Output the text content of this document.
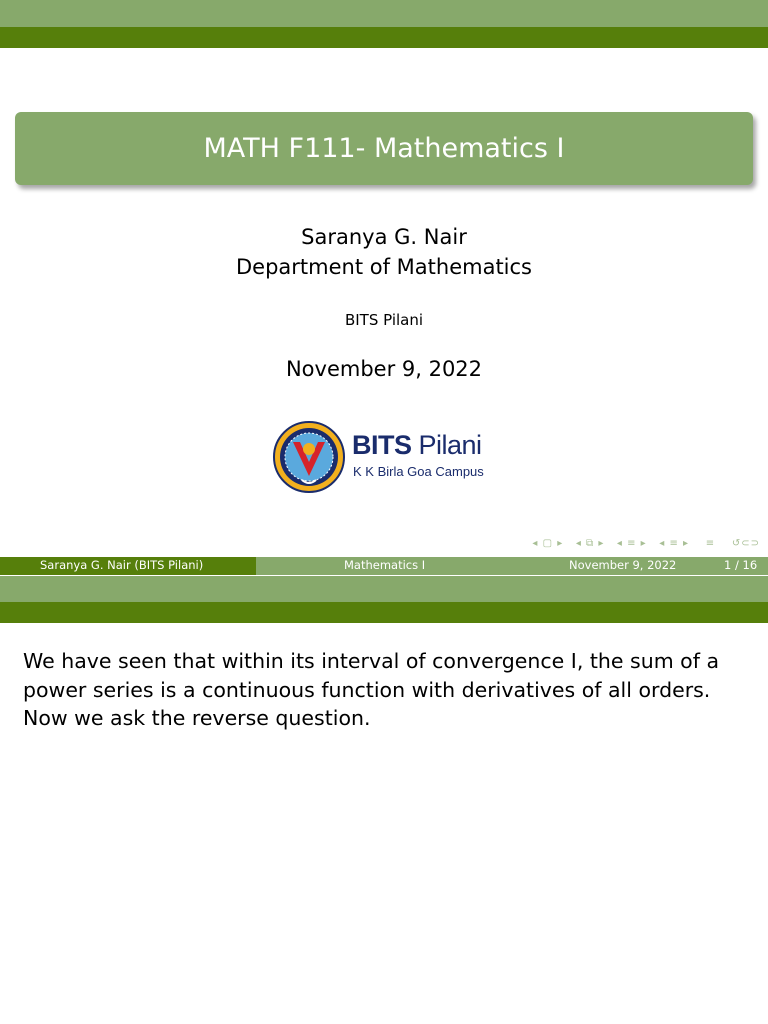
MATH F111- Mathematics I
Saranya G. Nair
Department of Mathematics
BITS Pilani
November 9, 2022
BITS Pilani
K K Birla Goa Campus
◂ ▢ ▸ ◂ ⧉ ▸ ◂ ≡ ▸ ◂ ≡ ▸ ≡ ↺⊂⊃
Saranya G. Nair (BITS Pilani)	Mathematics I	November 9, 2022	1 / 16
We have seen that within its interval of convergence I, the sum of a power series is a continuous function with derivatives of all orders. Now we ask the reverse question.
